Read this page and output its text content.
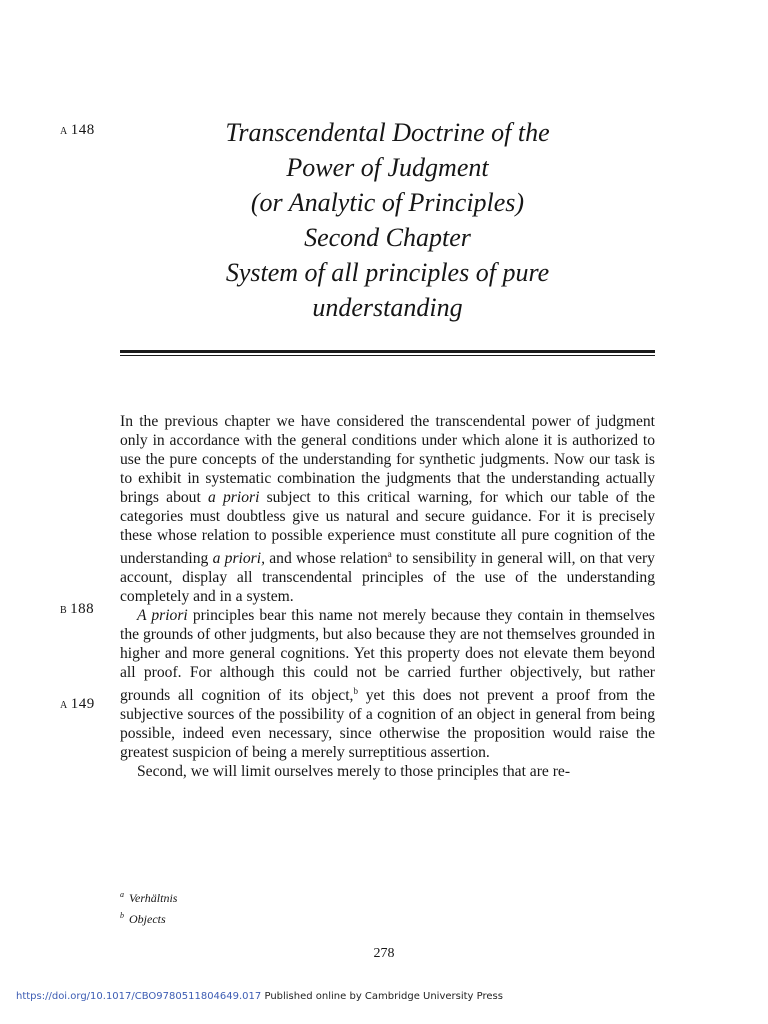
A 148
B 188
A 149
Transcendental Doctrine of the
Power of Judgment
(or Analytic of Principles)
Second Chapter
System of all principles of pure
understanding

In the previous chapter we have considered the transcendental power of judgment only in accordance with the general conditions under which alone it is authorized to use the pure concepts of the understanding for synthetic judgments. Now our task is to exhibit in systematic combination the judgments that the understanding actually brings about a priori subject to this critical warning, for which our table of the categories must doubtless give us natural and secure guidance. For it is precisely these whose relation to possible experience must constitute all pure cognition of the understanding a priori, and whose relation$^a$ to sensibility in general will, on that very account, display all transcendental principles of the use of the understanding completely and in a system.

A priori principles bear this name not merely because they contain in themselves the grounds of other judgments, but also because they are not themselves grounded in higher and more general cognitions. Yet this property does not elevate them beyond all proof. For although this could not be carried further objectively, but rather grounds all cognition of its object,$^b$ yet this does not prevent a proof from the subjective sources of the possibility of a cognition of an object in general from being possible, indeed even necessary, since otherwise the proposition would raise the greatest suspicion of being a merely surreptitious assertion.

Second, we will limit ourselves merely to those principles that are re-

$^a$ Verhältnis
$^b$ Objects
278
https://doi.org/10.1017/CBO9780511804649.017 Published online by Cambridge University Press
